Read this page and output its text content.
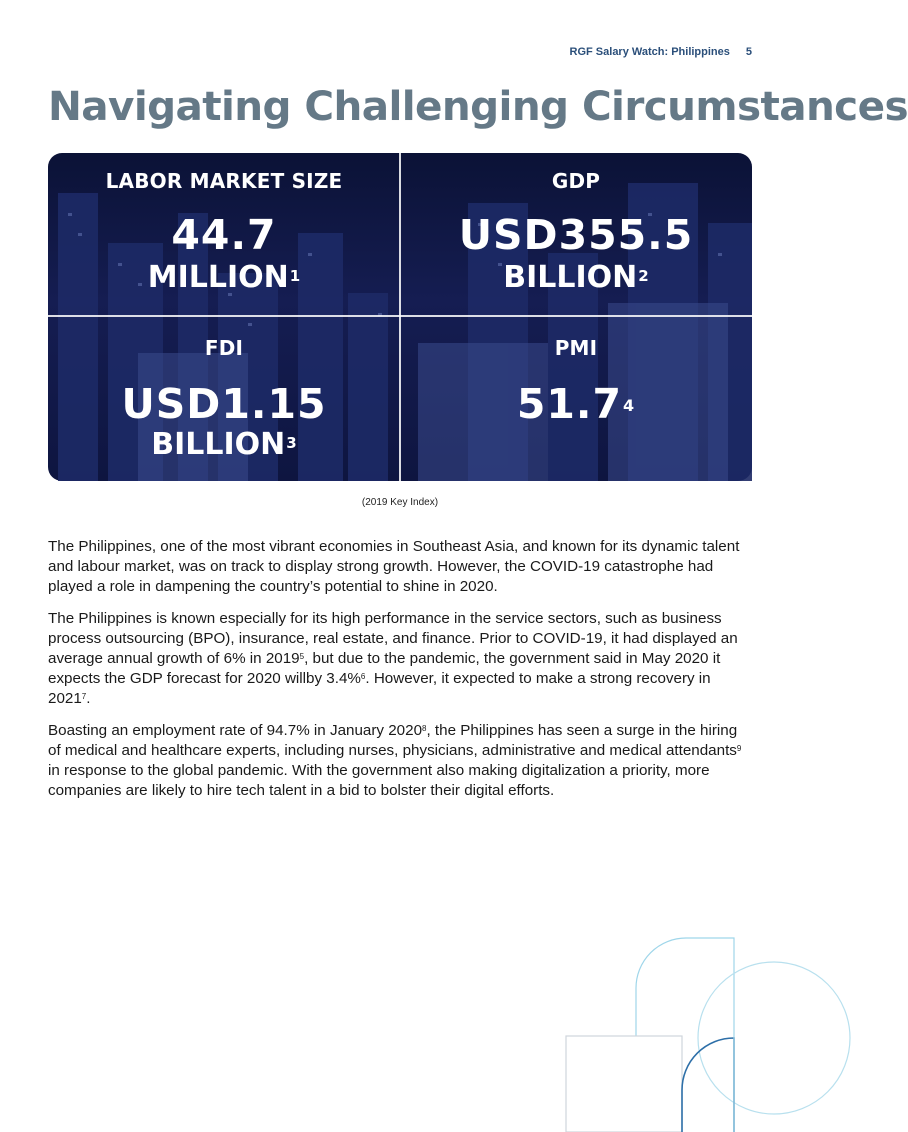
RGF Salary Watch: Philippines 5
Navigating Challenging Circumstances
LABOR MARKET SIZE
44.7
MILLION$^1$
GDP
USD355.5
BILLION$^2$
FDI
USD1.15
BILLION$^3$
PMI
51.7$^4$
(2019 Key Index)

The Philippines, one of the most vibrant economies in Southeast Asia, and known for its dynamic talent and labour market, was on track to display strong growth. However, the COVID-19 catastrophe had played a role in dampening the country’s potential to shine in 2020.

The Philippines is known especially for its high performance in the service sectors, such as business process outsourcing (BPO), insurance, real estate, and finance. Prior to COVID-19, it had displayed an average annual growth of 6% in 2019$^5$, but due to the pandemic, the government said in May 2020 it expects the GDP forecast for 2020 willby 3.4%$^6$. However, it expected to make a strong recovery in 2021$^7$.

Boasting an employment rate of 94.7% in January 2020$^8$, the Philippines has seen a surge in the hiring of medical and healthcare experts, including nurses, physicians, administrative and medical attendants$^9$ in response to the global pandemic. With the government also making digitalization a priority, more companies are likely to hire tech talent in a bid to bolster their digital efforts.
